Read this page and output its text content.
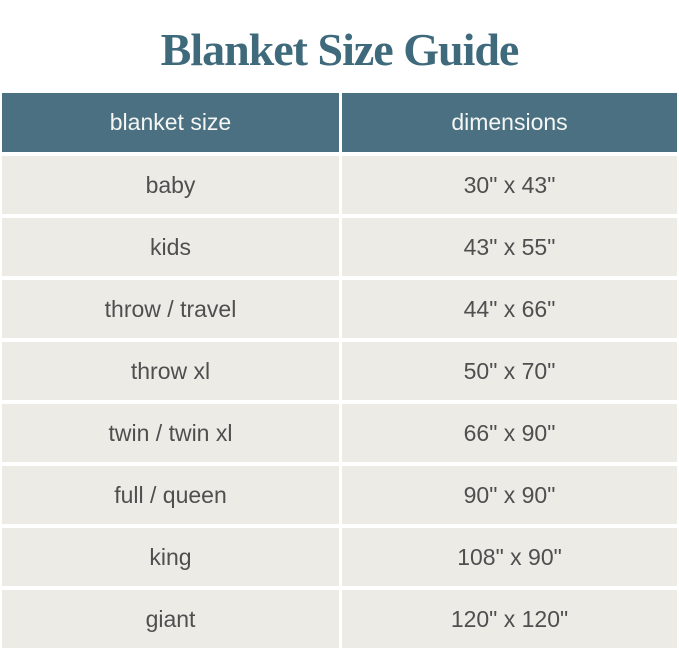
Blanket Size Guide
blanket size	dimensions
baby	30" x 43"
kids	43" x 55"
throw / travel	44" x 66"
throw xl	50" x 70"
twin / twin xl	66" x 90"
full / queen	90" x 90"
king	108" x 90"
giant	120" x 120"
